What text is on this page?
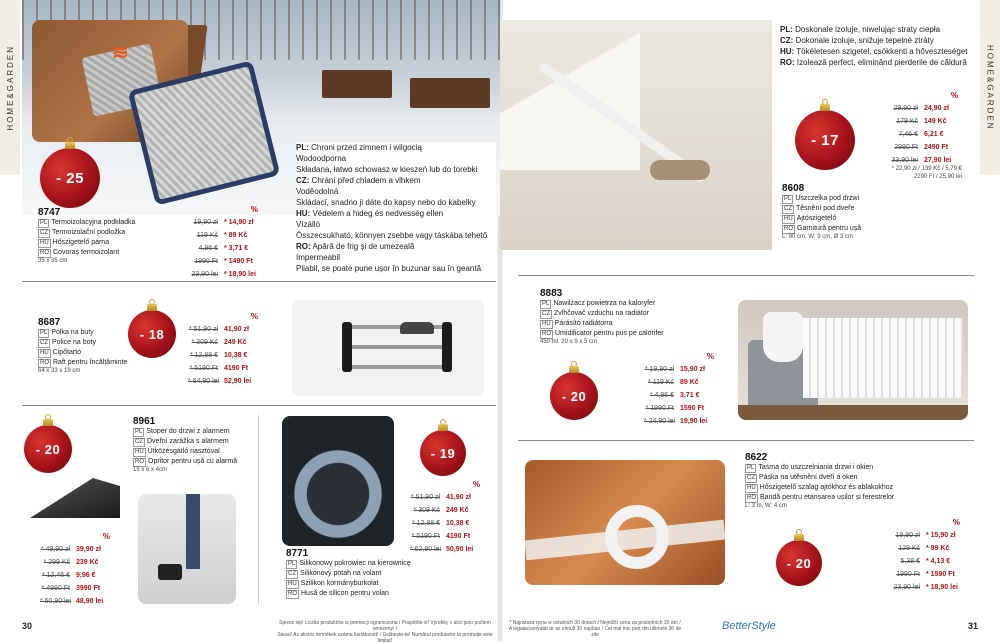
HOME&GARDEN	HOME&GARDEN
≋
- 25
8747
PL Termoizolacyjna podkładka
CZ Termoizolační podložka
HU Hőszigetelő párna
RO Covoraș termoizolant
35 x 35 cm
%
19,90 zł * 14,90 zł
119 Kč * 89 Kč
4,96 € * 3,71 €
1990 Ft * 1490 Ft
23,90 lei * 18,90 lei
PL: Chroni przed zimnem i wilgocią
Wodoodporna
Składana, łatwo schowasz w kieszeń lub do torebki
CZ: Chrání před chladem a vlhkem
Voděodolná
Skládací, snadno ji dáte do kapsy nebo do kabelky
HU: Védelem a hideg és nedvesség ellen
Vízálló
Összecsukható, könnyen zsebbe vagy táskába tehető
RO: Apără de frig și de umezeală
Impermeabil
Pliabil, se poate pune ușor în buzunar sau în geantă
8687
PL Półka na buty
CZ Police na boty
HU Cipőtartó
RO Raft pentru încălțăminte
64 x 33 x 19 cm
- 18
%
* 51,90 zł 41,90 zł
* 309 Kč 249 Kč
* 12,88 € 10,38 €
* 5190 Ft 4190 Ft
* 64,90 lei 52,90 lei
- 20
8961
PL Stoper do drzwi z alarmem
CZ Dveřní zarážka s alarmem
HU Ütközésgátló riasztóval
RO Opritor pentru ușă cu alarmă
15 x 6 x 4cm
%
* 49,90 zł 39,90 zł
* 299 Kč 239 Kč
* 12,46 € 9,96 €
* 4990 Ft 3990 Ft
* 60,90 lei 48,90 lei
- 19
%
* 51,90 zł 41,90 zł
* 309 Kč 249 Kč
* 12,88 € 10,38 €
* 5190 Ft 4190 Ft
* 62,90 lei 50,90 lei
8771
PL Silikonowy pokrowiec na kierownicę
CZ Silikonový potah na volant
HU Szilikon kormányburkolat
RO Husă de silicon pentru volan
30	Spiesz się! Liczba produktów w promocji ograniczona / Pospěšte si! Výrobky v akci jsou počtem omezeny! /
Siessi! Az akciós termékek száma korlátozott! / Grăbește-te! Numărul produselor la promoție este limitat!
PL: Doskonale izoluje, niwelując straty ciepła
CZ: Dokonale izoluje, snižuje tepelné ztráty
HU: Tökéletesen szigetel, csökkenti a hőveszteséget
RO: Izolează perfect, eliminând pierderile de căldură
- 17
%
29,90 zł 24,90 zł
179 Kč 149 Kč
7,46 € 6,21 €
2990 Ft 2490 Ft
33,90 lei 27,90 lei
* 22,90 zł / 139 Kč / 5,79 €
2290 Ft / 25,90 lei
8608
PL Uszczelka pod drzwi
CZ Těsnění pod dveře
HU Ajtószigetelő
RO Garnitură pentru ușă
L: 90 cm, W: 9 cm, Ø 3 cm
8883
PL Nawilżacz powietrza na kaloryfer
CZ Zvlhčovač vzduchu na radiátor
HU Párásító radiátorra
RO Umidificator pentru pus pe calorifer
450 ml. 20 x 9 x 5 cm
- 20
%
* 19,90 zł 15,90 zł
* 119 Kč 89 Kč
* 4,96 € 3,71 €
* 1990 Ft 1590 Ft
* 24,90 lei 19,90 lei
8622
PL Taśma do uszczelniania drzwi i okien
CZ Páska na utěsnění dveří a oken
HU Hőszigetelő szalag ajtókhoz és ablakokhoz
RO Bandă pentru etanșarea ușilor și ferestrelor
L: 3 m, W: 4 cm
- 20
%
19,90 zł * 15,90 zł
129 Kč * 99 Kč
5,38 € * 4,13 €
1990 Ft * 1590 Ft
23,90 lei * 18,90 lei
* Najniższa cena w ostatnich 30 dniach / Nejnižší cena za posledních 30 dní /
A legalacsonyabb ár az elmúlt 30 napban / Cel mai mic preț din ultimele 30 de zile
BetterStyle	31
